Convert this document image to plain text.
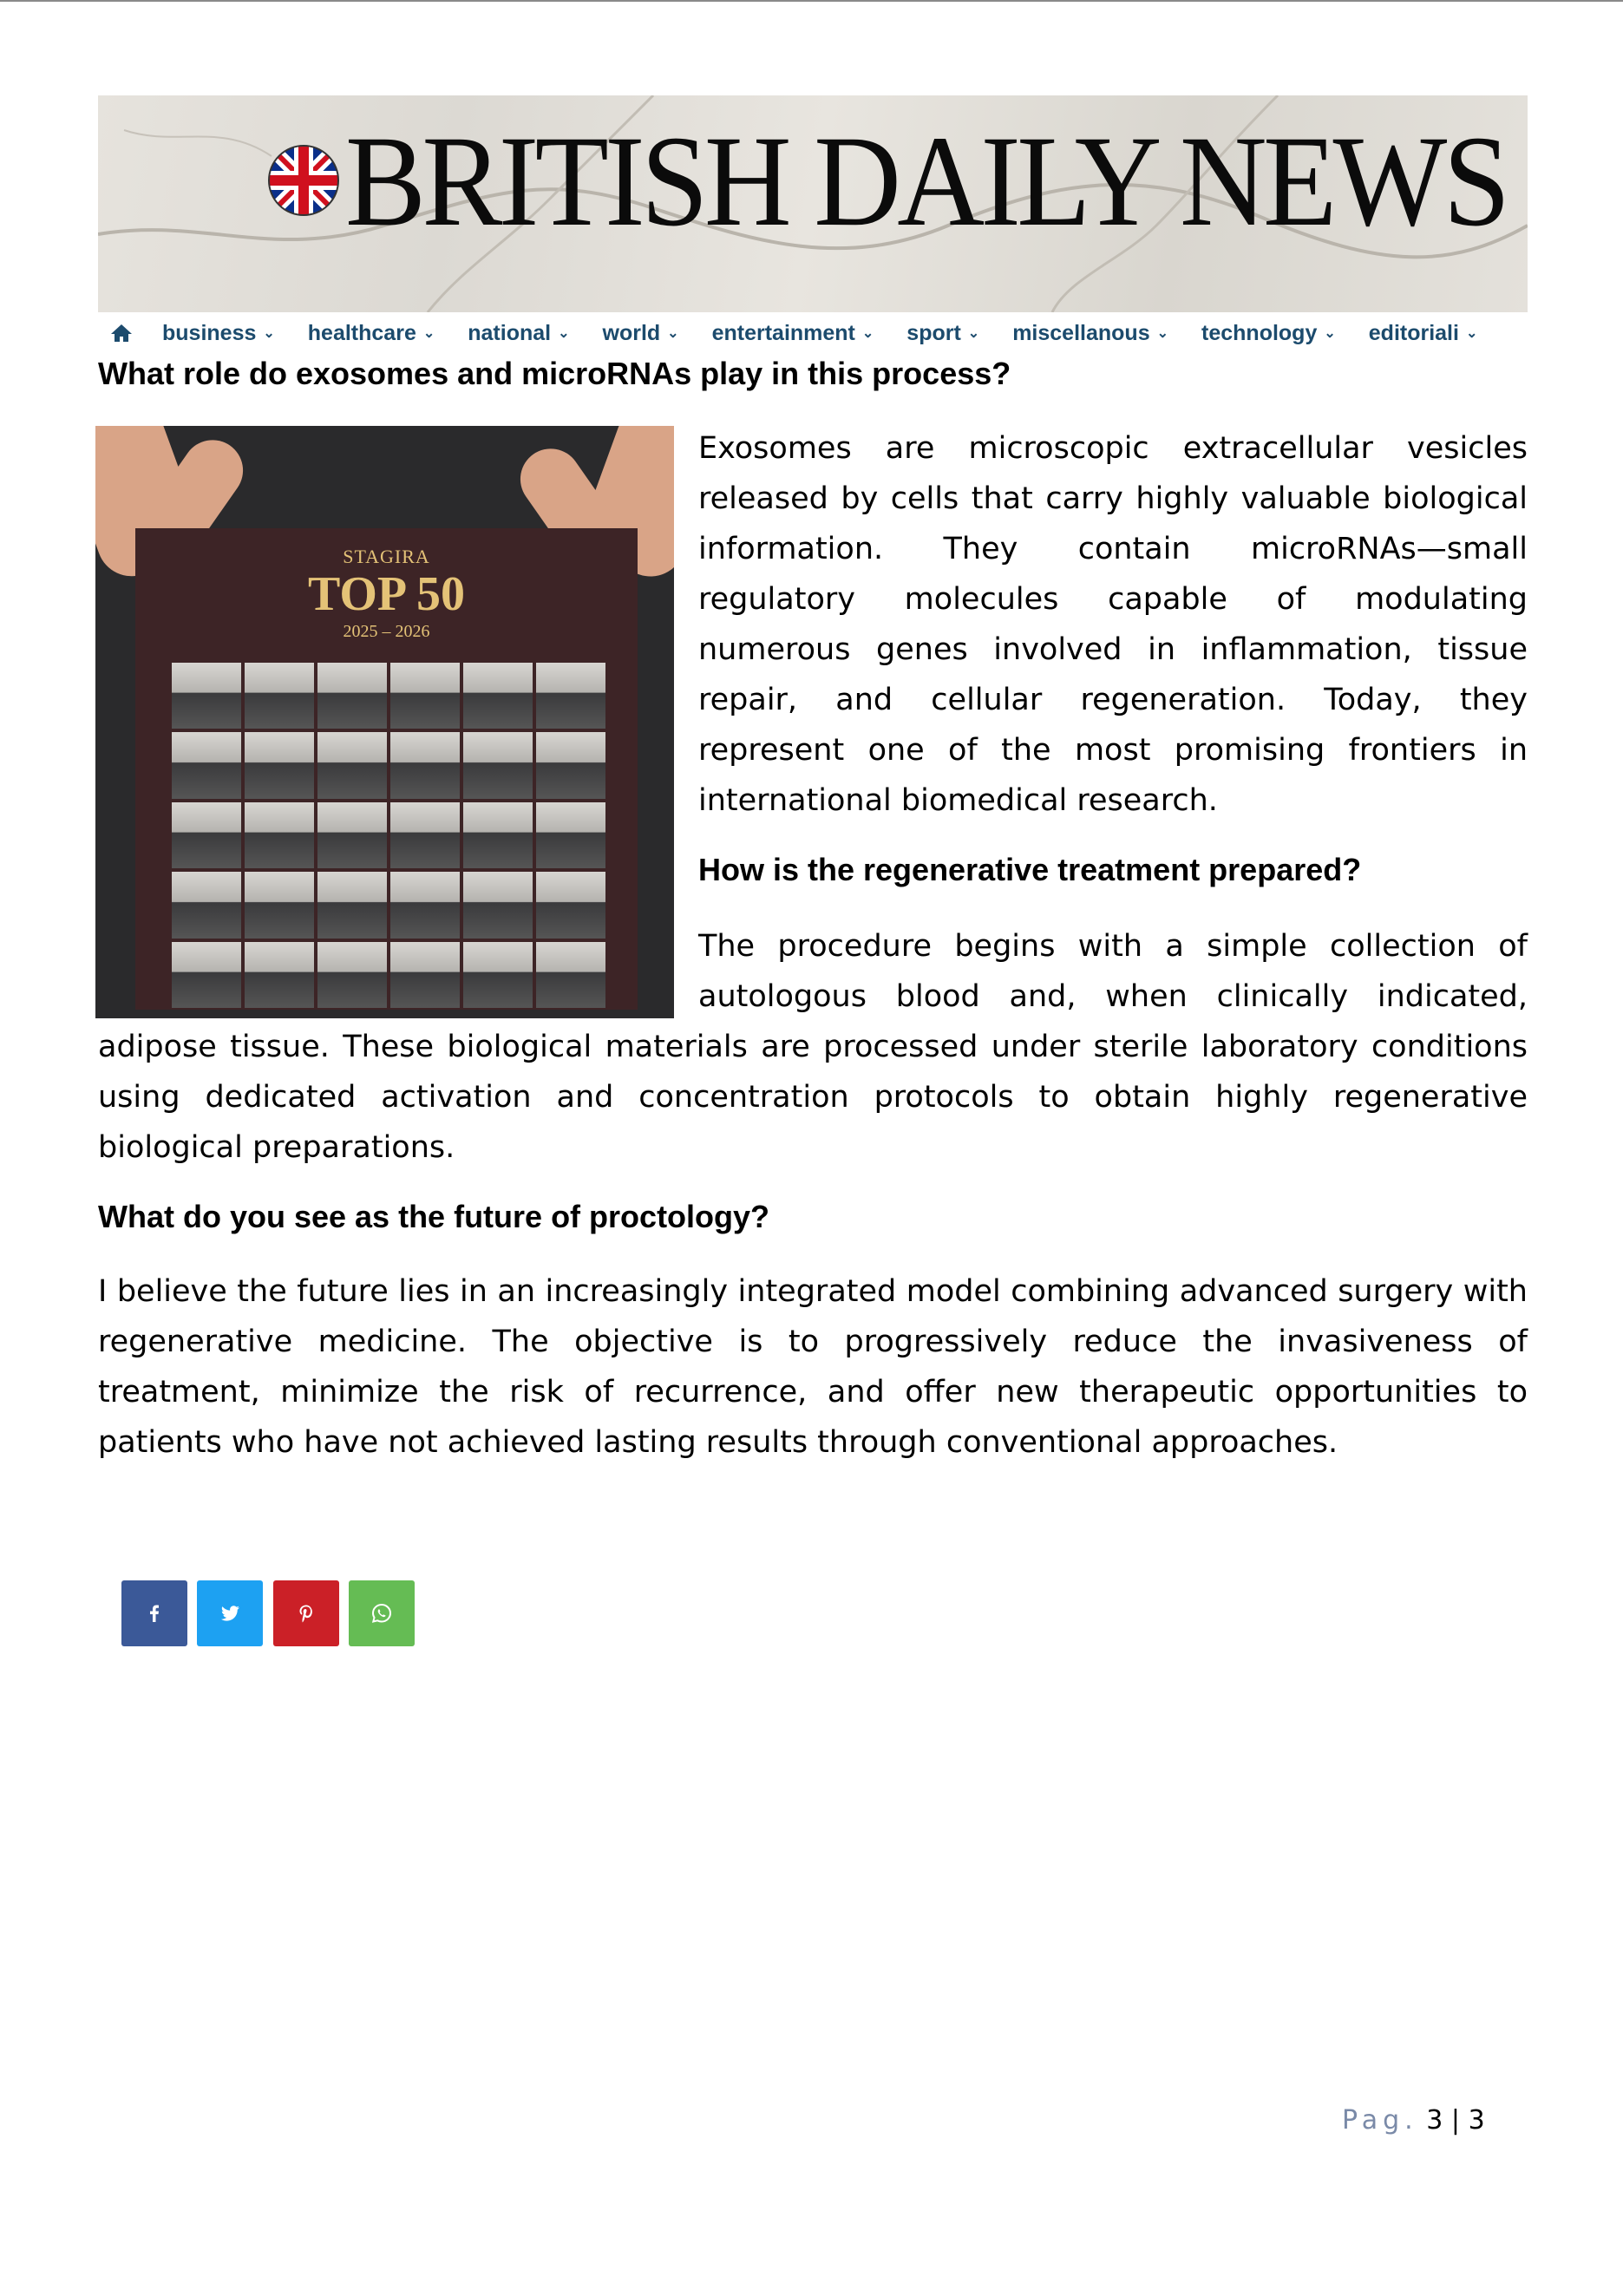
BRITISH DAILY NEWS
business ⌄ healthcare ⌄ national ⌄ world ⌄ entertainment ⌄ sport ⌄ miscellanous ⌄ technology ⌄ editoriali ⌄
What role do exosomes and microRNAs play in this process?
STAGIRA
TOP 50
2025 – 2026
Exosomes are microscopic extracellular vesicles released by cells that carry highly valuable biological information. They contain microRNAs—small regulatory molecules capable of modulating numerous genes involved in inflammation, tissue repair, and cellular regeneration. Today, they represent one of the most promising frontiers in international biomedical research.
How is the regenerative treatment prepared?
The procedure begins with a simple collection of autologous blood and, when clinically indicated,
adipose tissue. These biological materials are processed under sterile laboratory conditions using dedicated activation and concentration protocols to obtain highly regenerative biological preparations.
What do you see as the future of proctology?
I believe the future lies in an increasingly integrated model combining advanced surgery with regenerative medicine. The objective is to progressively reduce the invasiveness of treatment, minimize the risk of recurrence, and offer new therapeutic opportunities to patients who have not achieved lasting results through conventional approaches.
Pag. 3 | 3
